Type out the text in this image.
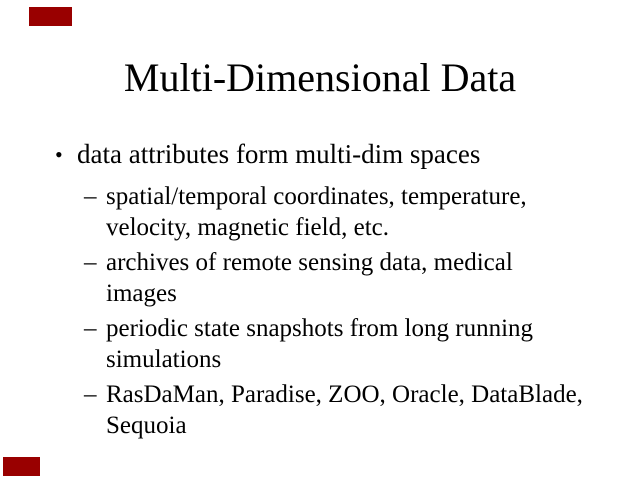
Multi-Dimensional Data
• data attributes form multi-dim spaces
– spatial/temporal coordinates, temperature,
velocity, magnetic field, etc.
– archives of remote sensing data, medical
images
– periodic state snapshots from long running
simulations
– RasDaMan, Paradise, ZOO, Oracle, DataBlade,
Sequoia
